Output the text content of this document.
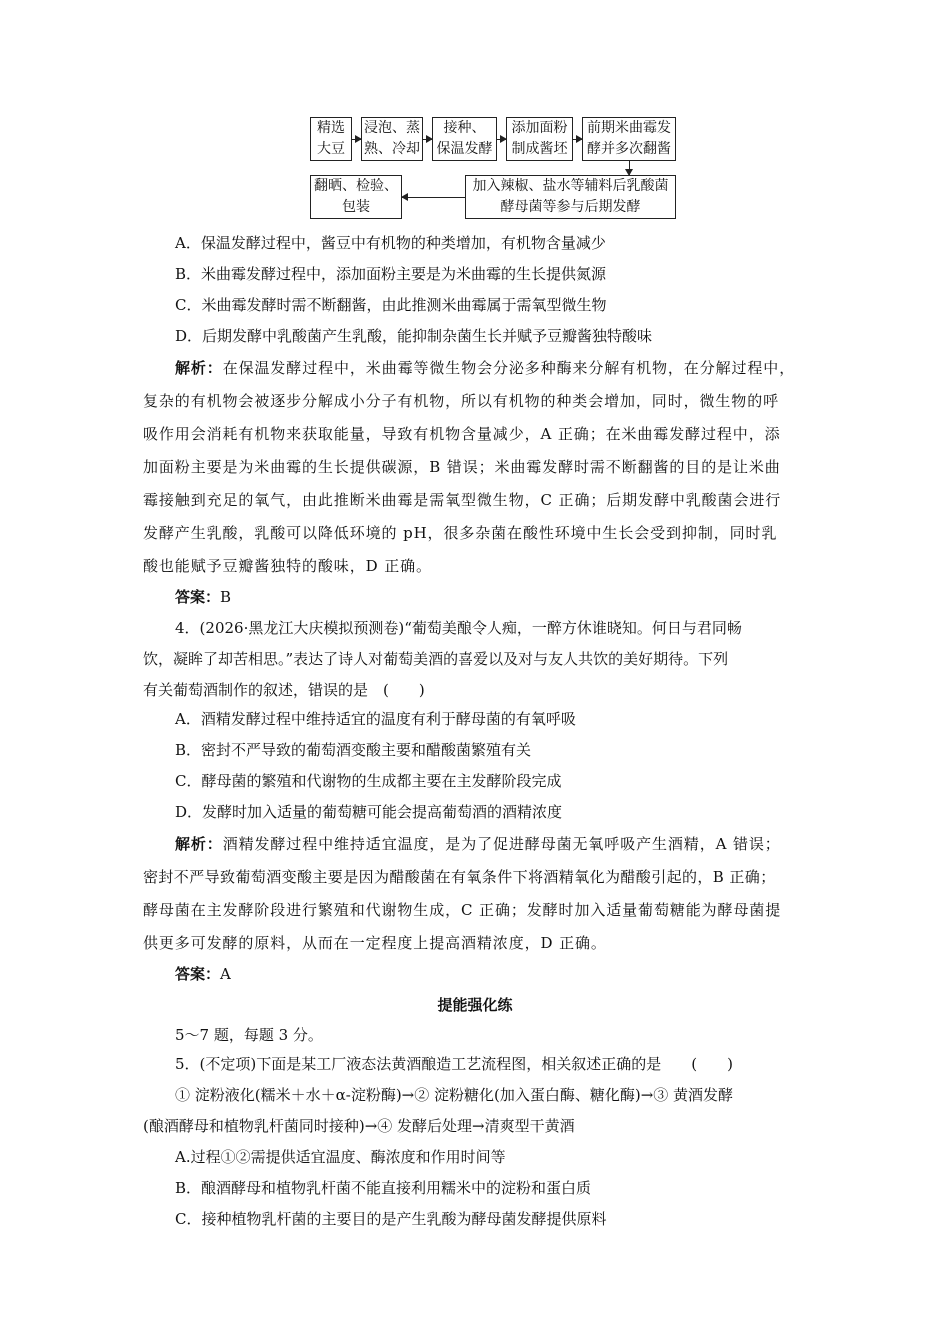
精选
大豆
浸泡、蒸
熟、冷却
接种、
保温发酵
添加面粉
制成酱坯
前期米曲霉发
酵并多次翻酱
加入辣椒、盐水等辅料后乳酸菌
酵母菌等参与后期发酵
翻晒、检验、
包装
A．保温发酵过程中，酱豆中有机物的种类增加，有机物含量减少
B．米曲霉发酵过程中，添加面粉主要是为米曲霉的生长提供氮源
C．米曲霉发酵时需不断翻酱，由此推测米曲霉属于需氧型微生物
D．后期发酵中乳酸菌产生乳酸，能抑制杂菌生长并赋予豆瓣酱独特酸味
解析：在保温发酵过程中，米曲霉等微生物会分泌多种酶来分解有机物，在分解过程中，
复杂的有机物会被逐步分解成小分子有机物，所以有机物的种类会增加，同时，微生物的呼
吸作用会消耗有机物来获取能量，导致有机物含量减少，A 正确；在米曲霉发酵过程中，添
加面粉主要是为米曲霉的生长提供碳源，B 错误；米曲霉发酵时需不断翻酱的目的是让米曲
霉接触到充足的氧气，由此推断米曲霉是需氧型微生物，C 正确；后期发酵中乳酸菌会进行
发酵产生乳酸，乳酸可以降低环境的 pH，很多杂菌在酸性环境中生长会受到抑制，同时乳
酸也能赋予豆瓣酱独特的酸味，D 正确。
答案：B
4．(2026·黑龙江大庆模拟预测卷)“葡萄美酿令人痴，一醉方休谁晓知。何日与君同畅
饮，凝眸了却苦相思。”表达了诗人对葡萄美酒的喜爱以及对与友人共饮的美好期待。下列
有关葡萄酒制作的叙述，错误的是　(　　)
A．酒精发酵过程中维持适宜的温度有利于酵母菌的有氧呼吸
B．密封不严导致的葡萄酒变酸主要和醋酸菌繁殖有关
C．酵母菌的繁殖和代谢物的生成都主要在主发酵阶段完成
D．发酵时加入适量的葡萄糖可能会提高葡萄酒的酒精浓度
解析：酒精发酵过程中维持适宜温度，是为了促进酵母菌无氧呼吸产生酒精，A 错误；
密封不严导致葡萄酒变酸主要是因为醋酸菌在有氧条件下将酒精氧化为醋酸引起的，B 正确；
酵母菌在主发酵阶段进行繁殖和代谢物生成，C 正确；发酵时加入适量葡萄糖能为酵母菌提
供更多可发酵的原料，从而在一定程度上提高酒精浓度，D 正确。
答案：A
提能强化练
5～7 题，每题 3 分。
5．(不定项)下面是某工厂液态法黄酒酿造工艺流程图，相关叙述正确的是　　(　　)
① 淀粉液化(糯米＋水＋α-淀粉酶)→② 淀粉糖化(加入蛋白酶、糖化酶)→③ 黄酒发酵
(酿酒酵母和植物乳杆菌同时接种)→④ 发酵后处理→清爽型干黄酒
A.过程①②需提供适宜温度、酶浓度和作用时间等
B．酿酒酵母和植物乳杆菌不能直接利用糯米中的淀粉和蛋白质
C．接种植物乳杆菌的主要目的是产生乳酸为酵母菌发酵提供原料
